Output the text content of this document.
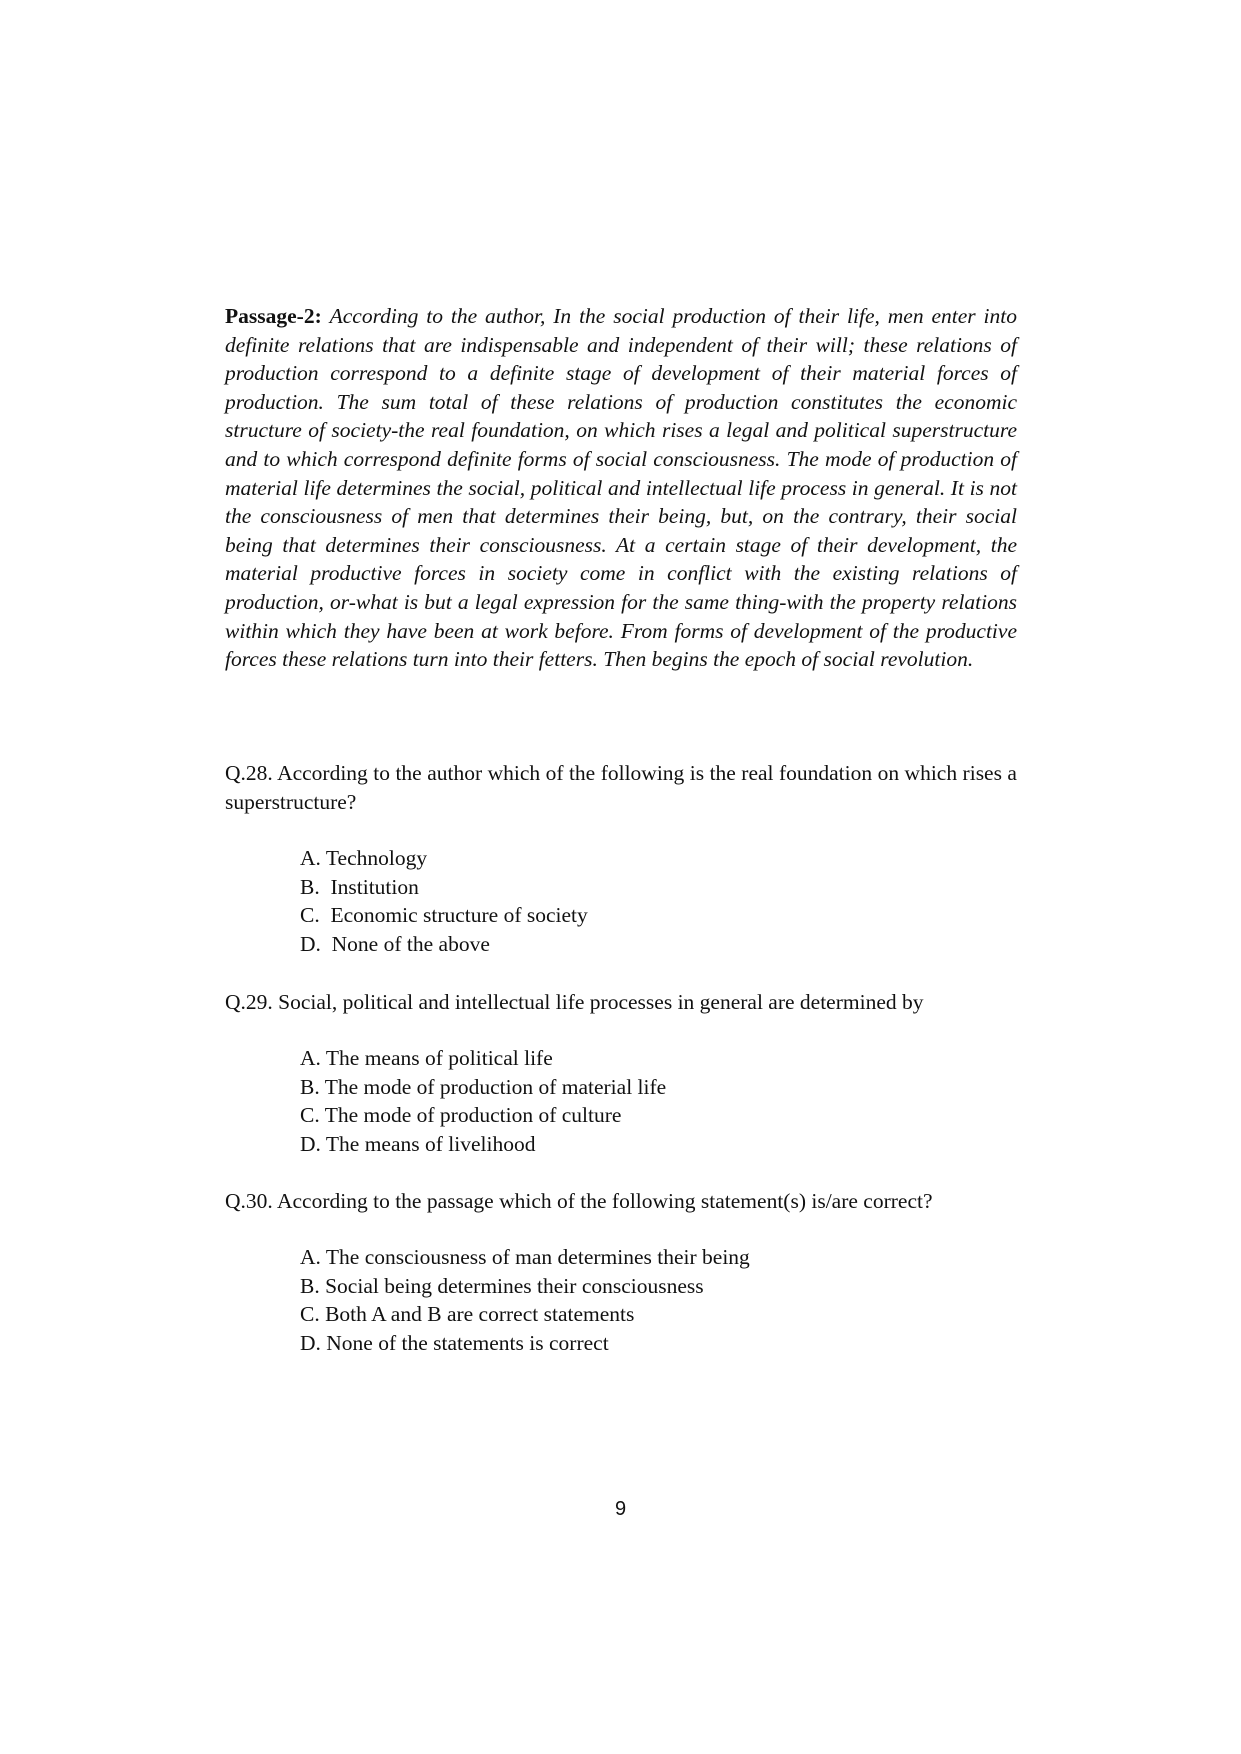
Passage-2: According to the author, In the social production of their life, men enter into definite relations that are indispensable and independent of their will; these relations of production correspond to a definite stage of development of their material forces of production. The sum total of these relations of production constitutes the economic structure of society-the real foundation, on which rises a legal and political superstructure and to which correspond definite forms of social consciousness. The mode of production of material life determines the social, political and intellectual life process in general. It is not the consciousness of men that determines their being, but, on the contrary, their social being that determines their consciousness. At a certain stage of their development, the material productive forces in society come in conflict with the existing relations of production, or-what is but a legal expression for the same thing-with the property relations within which they have been at work before. From forms of development of the productive forces these relations turn into their fetters. Then begins the epoch of social revolution.

Q.28. According to the author which of the following is the real foundation on which rises a superstructure?

A. Technology
B.  Institution
C.  Economic structure of society
D.  None of the above

Q.29. Social, political and intellectual life processes in general are determined by

A. The means of political life
B. The mode of production of material life
C. The mode of production of culture
D. The means of livelihood

Q.30. According to the passage which of the following statement(s) is/are correct?

A. The consciousness of man determines their being
B. Social being determines their consciousness
C. Both A and B are correct statements
D. None of the statements is correct
9
